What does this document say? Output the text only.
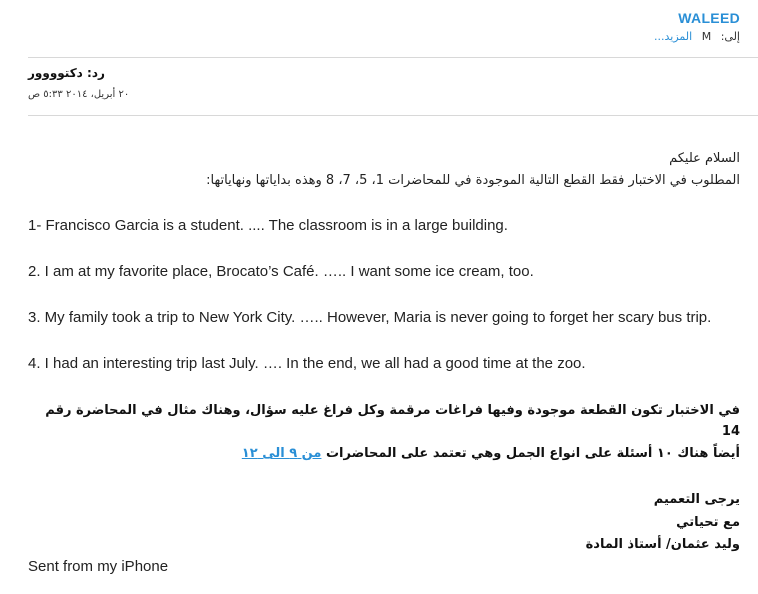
WALEED
إلى: M المزيد...
رد: دكتوووور
٢٠ أبريل، ٢٠١٤ ٥:٣٣ ص
السلام عليكم
المطلوب في الاختبار فقط القطع التالية الموجودة في للمحاضرات 1، 5، 7، 8 وهذه بداياتها ونهاياتها:
1- Francisco Garcia is a student. .... The classroom is in a large building.
2. I am at my favorite place, Brocato’s Café. ….. I want some ice cream, too.
3. My family took a trip to New York City. ….. However, Maria is never going to forget her scary bus trip.
4. I had an interesting trip last July. …. In the end, we all had a good time at the zoo.
في الاختبار تكون القطعة موجودة وفيها فراغات مرقمة وكل فراغ عليه سؤال، وهناك مثال في المحاضرة رقم
14
أيضاً هناك ١٠ أسئلة على انواع الجمل وهي تعتمد على المحاضرات من ٩ الى ١٢
يرجى التعميم
مع تحياتي
وليد عثمان/ أستاذ المادة
Sent from my iPhone
